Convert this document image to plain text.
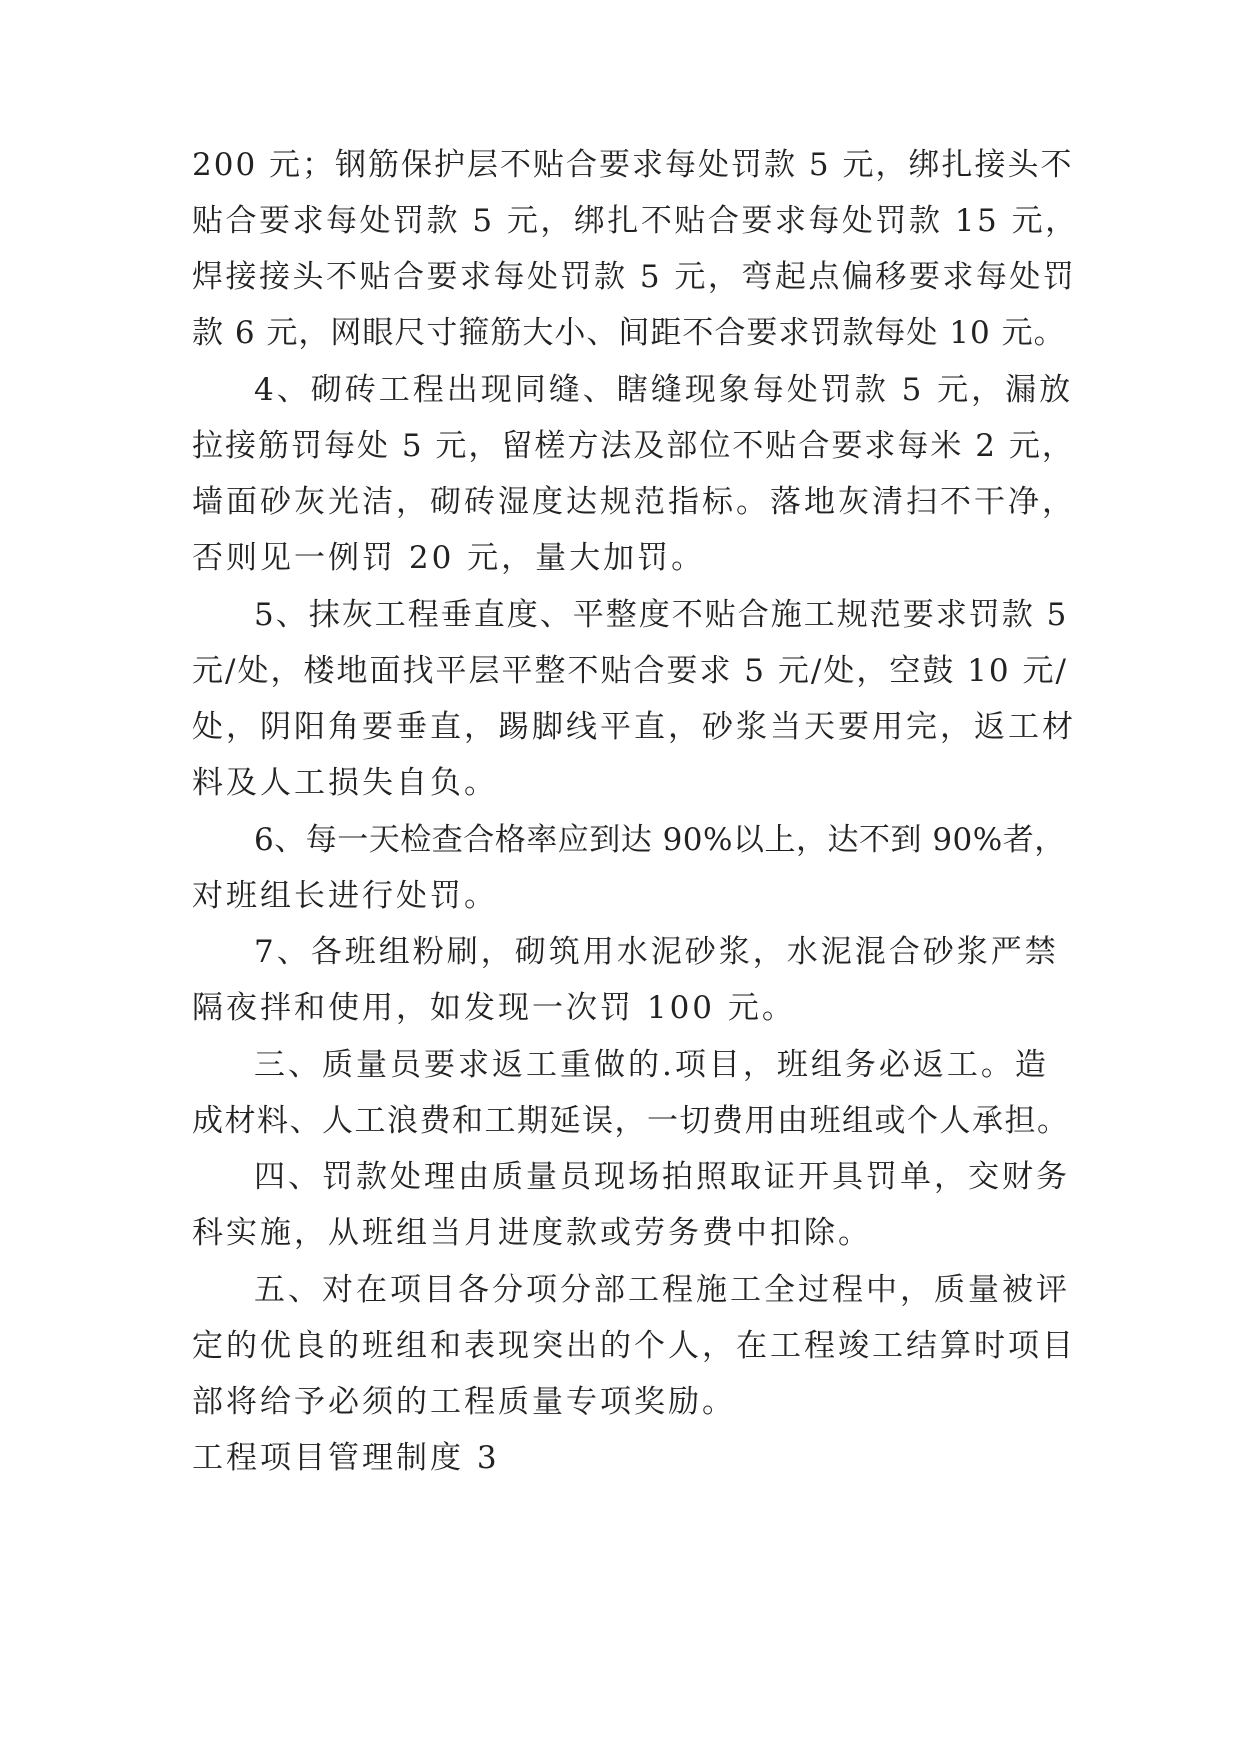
200 元；钢筋保护层不贴合要求每处罚款 5 元，绑扎接头不
贴合要求每处罚款 5 元，绑扎不贴合要求每处罚款 15 元，
焊接接头不贴合要求每处罚款 5 元，弯起点偏移要求每处罚
款 6 元，网眼尺寸箍筋大小、间距不合要求罚款每处 10 元。
4、砌砖工程出现同缝、瞎缝现象每处罚款 5 元，漏放
拉接筋罚每处 5 元，留槎方法及部位不贴合要求每米 2 元，
墙面砂灰光洁，砌砖湿度达规范指标。落地灰清扫不干净，
否则见一例罚 20 元，量大加罚。
5、抹灰工程垂直度、平整度不贴合施工规范要求罚款 5
元/处，楼地面找平层平整不贴合要求 5 元/处，空鼓 10 元/
处，阴阳角要垂直，踢脚线平直，砂浆当天要用完，返工材
料及人工损失自负。
6、每一天检查合格率应到达 90%以上，达不到 90%者，
对班组长进行处罚。
7、各班组粉刷，砌筑用水泥砂浆，水泥混合砂浆严禁
隔夜拌和使用，如发现一次罚 100 元。
三、质量员要求返工重做的.项目，班组务必返工。造
成材料、人工浪费和工期延误，一切费用由班组或个人承担。
四、罚款处理由质量员现场拍照取证开具罚单，交财务
科实施，从班组当月进度款或劳务费中扣除。
五、对在项目各分项分部工程施工全过程中，质量被评
定的优良的班组和表现突出的个人，在工程竣工结算时项目
部将给予必须的工程质量专项奖励。
工程项目管理制度 3
